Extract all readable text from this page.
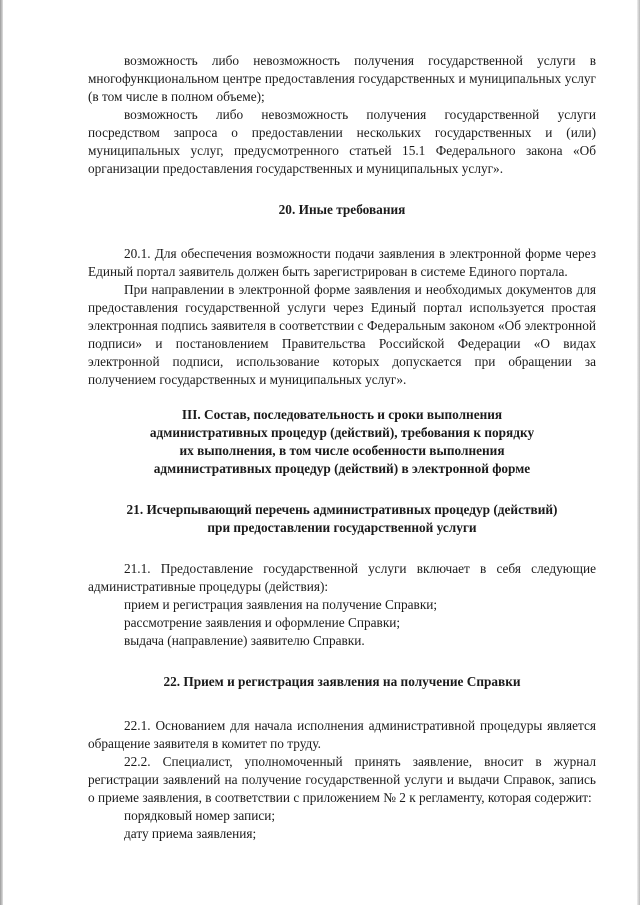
возможность либо невозможность получения государственной услуги в многофункциональном центре предоставления государственных и муниципальных услуг (в том числе в полном объеме);

возможность либо невозможность получения государственной услуги посредством запроса о предоставлении нескольких государственных и (или) муниципальных услуг, предусмотренного статьей 15.1 Федерального закона «Об организации предоставления государственных и муниципальных услуг».

20. Иные требования

20.1. Для обеспечения возможности подачи заявления в электронной форме через Единый портал заявитель должен быть зарегистрирован в системе Единого портала.

При направлении в электронной форме заявления и необходимых документов для предоставления государственной услуги через Единый портал используется простая электронная подпись заявителя в соответствии с Федеральным законом «Об электронной подписи» и постановлением Правительства Российской Федерации «О видах электронной подписи, использование которых допускается при обращении за получением государственных и муниципальных услуг».

III. Состав, последовательность и сроки выполнения

административных процедур (действий), требования к порядку

их выполнения, в том числе особенности выполнения

административных процедур (действий) в электронной форме

21. Исчерпывающий перечень административных процедур (действий)

при предоставлении государственной услуги

21.1. Предоставление государственной услуги включает в себя следующие административные процедуры (действия):

прием и регистрация заявления на получение Справки;

рассмотрение заявления и оформление Справки;

выдача (направление) заявителю Справки.

22. Прием и регистрация заявления на получение Справки

22.1. Основанием для начала исполнения административной процедуры является обращение заявителя в комитет по труду.

22.2. Специалист, уполномоченный принять заявление, вносит в журнал регистрации заявлений на получение государственной услуги и выдачи Справок, запись о приеме заявления, в соответствии с приложением № 2 к регламенту, которая содержит:

порядковый номер записи;

дату приема заявления;
